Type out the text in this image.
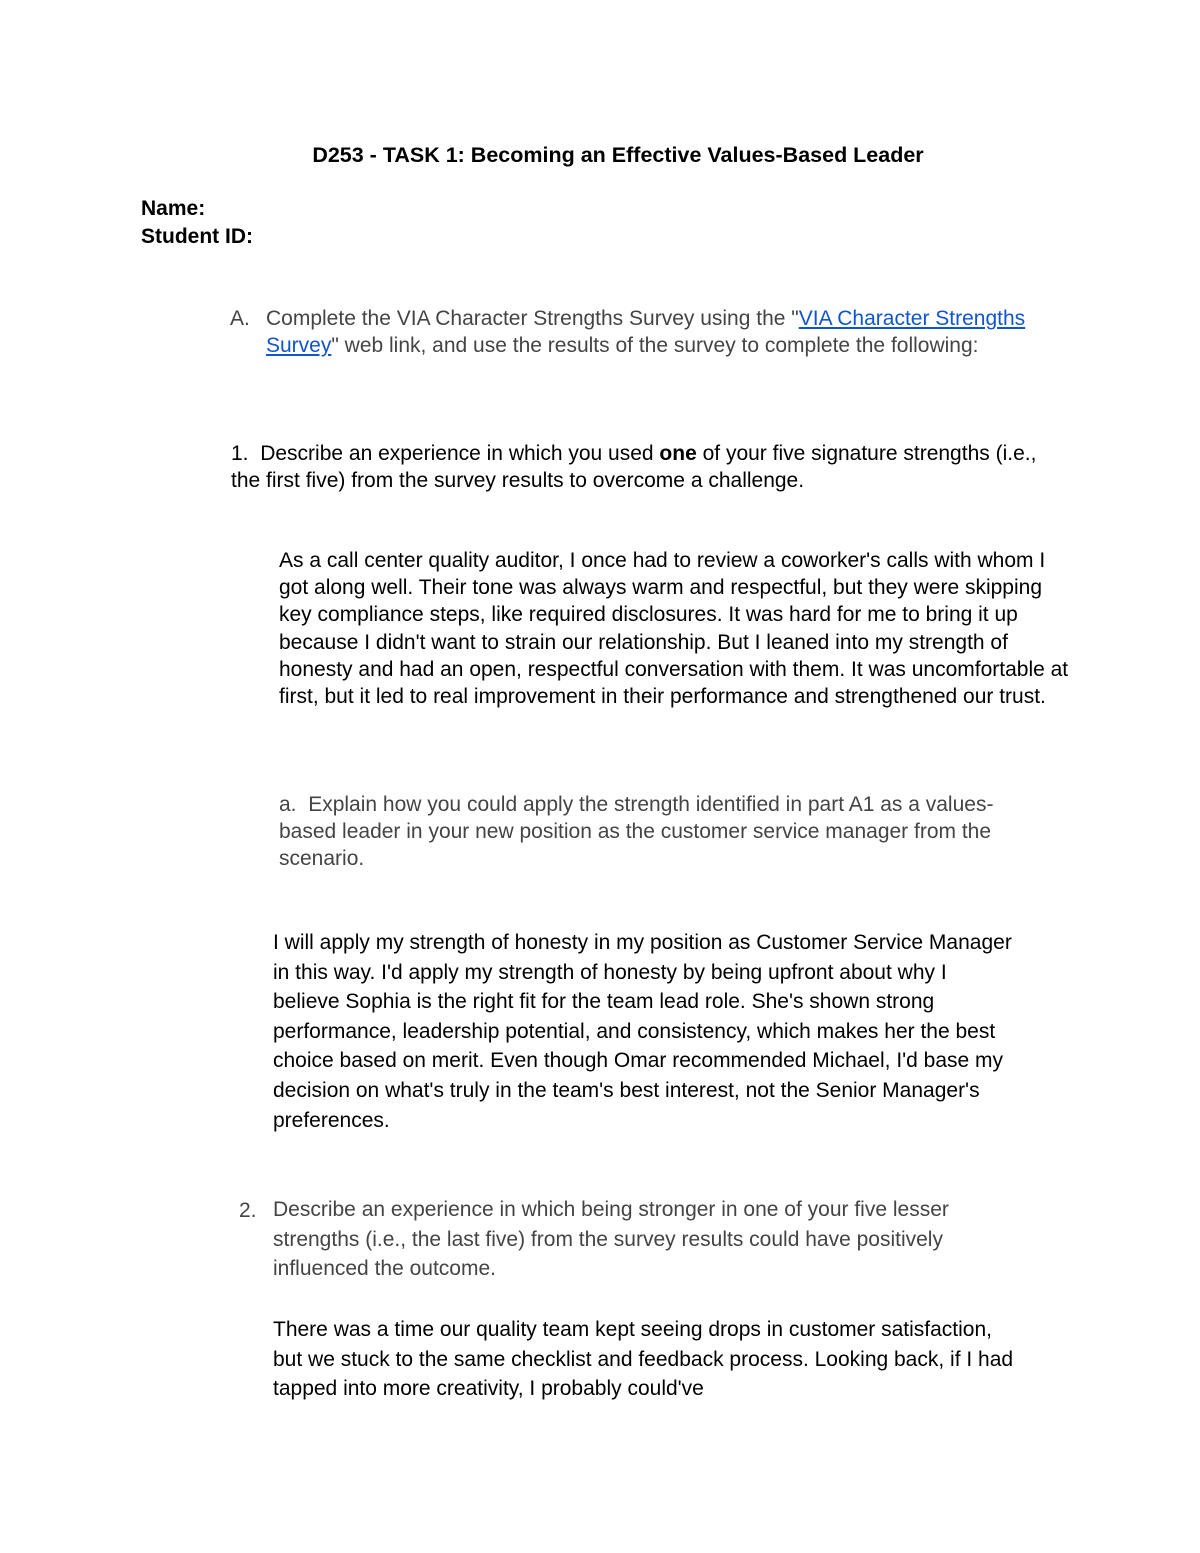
D253 - TASK 1: Becoming an Effective Values-Based Leader
Name:
Student ID:
A. Complete the VIA Character Strengths Survey using the "VIA Character Strengths Survey" web link, and use the results of the survey to complete the following:
1. Describe an experience in which you used one of your five signature strengths (i.e., the first five) from the survey results to overcome a challenge.
As a call center quality auditor, I once had to review a coworker's calls with whom I got along well. Their tone was always warm and respectful, but they were skipping key compliance steps, like required disclosures. It was hard for me to bring it up because I didn't want to strain our relationship. But I leaned into my strength of honesty and had an open, respectful conversation with them. It was uncomfortable at first, but it led to real improvement in their performance and strengthened our trust.
a. Explain how you could apply the strength identified in part A1 as a values-based leader in your new position as the customer service manager from the scenario.
I will apply my strength of honesty in my position as Customer Service Manager in this way. I'd apply my strength of honesty by being upfront about why I believe Sophia is the right fit for the team lead role. She's shown strong performance, leadership potential, and consistency, which makes her the best choice based on merit. Even though Omar recommended Michael, I'd base my decision on what's truly in the team's best interest, not the Senior Manager's preferences.
2. Describe an experience in which being stronger in one of your five lesser strengths (i.e., the last five) from the survey results could have positively influenced the outcome.
There was a time our quality team kept seeing drops in customer satisfaction, but we stuck to the same checklist and feedback process. Looking back, if I had tapped into more creativity, I probably could've
